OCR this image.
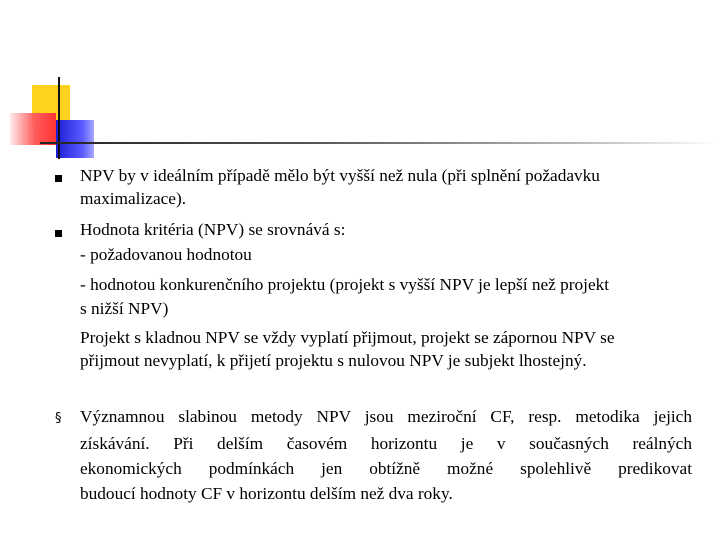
NPV by v ideálním případě mělo být vyšší než nula (při splnění požadavku
maximalizace).
Hodnota kritéria (NPV) se srovnává s:
- požadovanou hodnotou
- hodnotou konkurenčního projektu (projekt s vyšší NPV je lepší než projekt
s nižší NPV)
Projekt s kladnou NPV se vždy vyplatí přijmout, projekt se zápornou NPV se
přijmout nevyplatí, k přijetí projektu s nulovou NPV je subjekt lhostejný.
§ Významnou slabinou metody NPV jsou meziroční CF, resp. metodika jejich
získávání. Při delším časovém horizontu je v současných reálných
ekonomických podmínkách jen obtížně možné spolehlivě predikovat
budoucí hodnoty CF v horizontu delším než dva roky.
